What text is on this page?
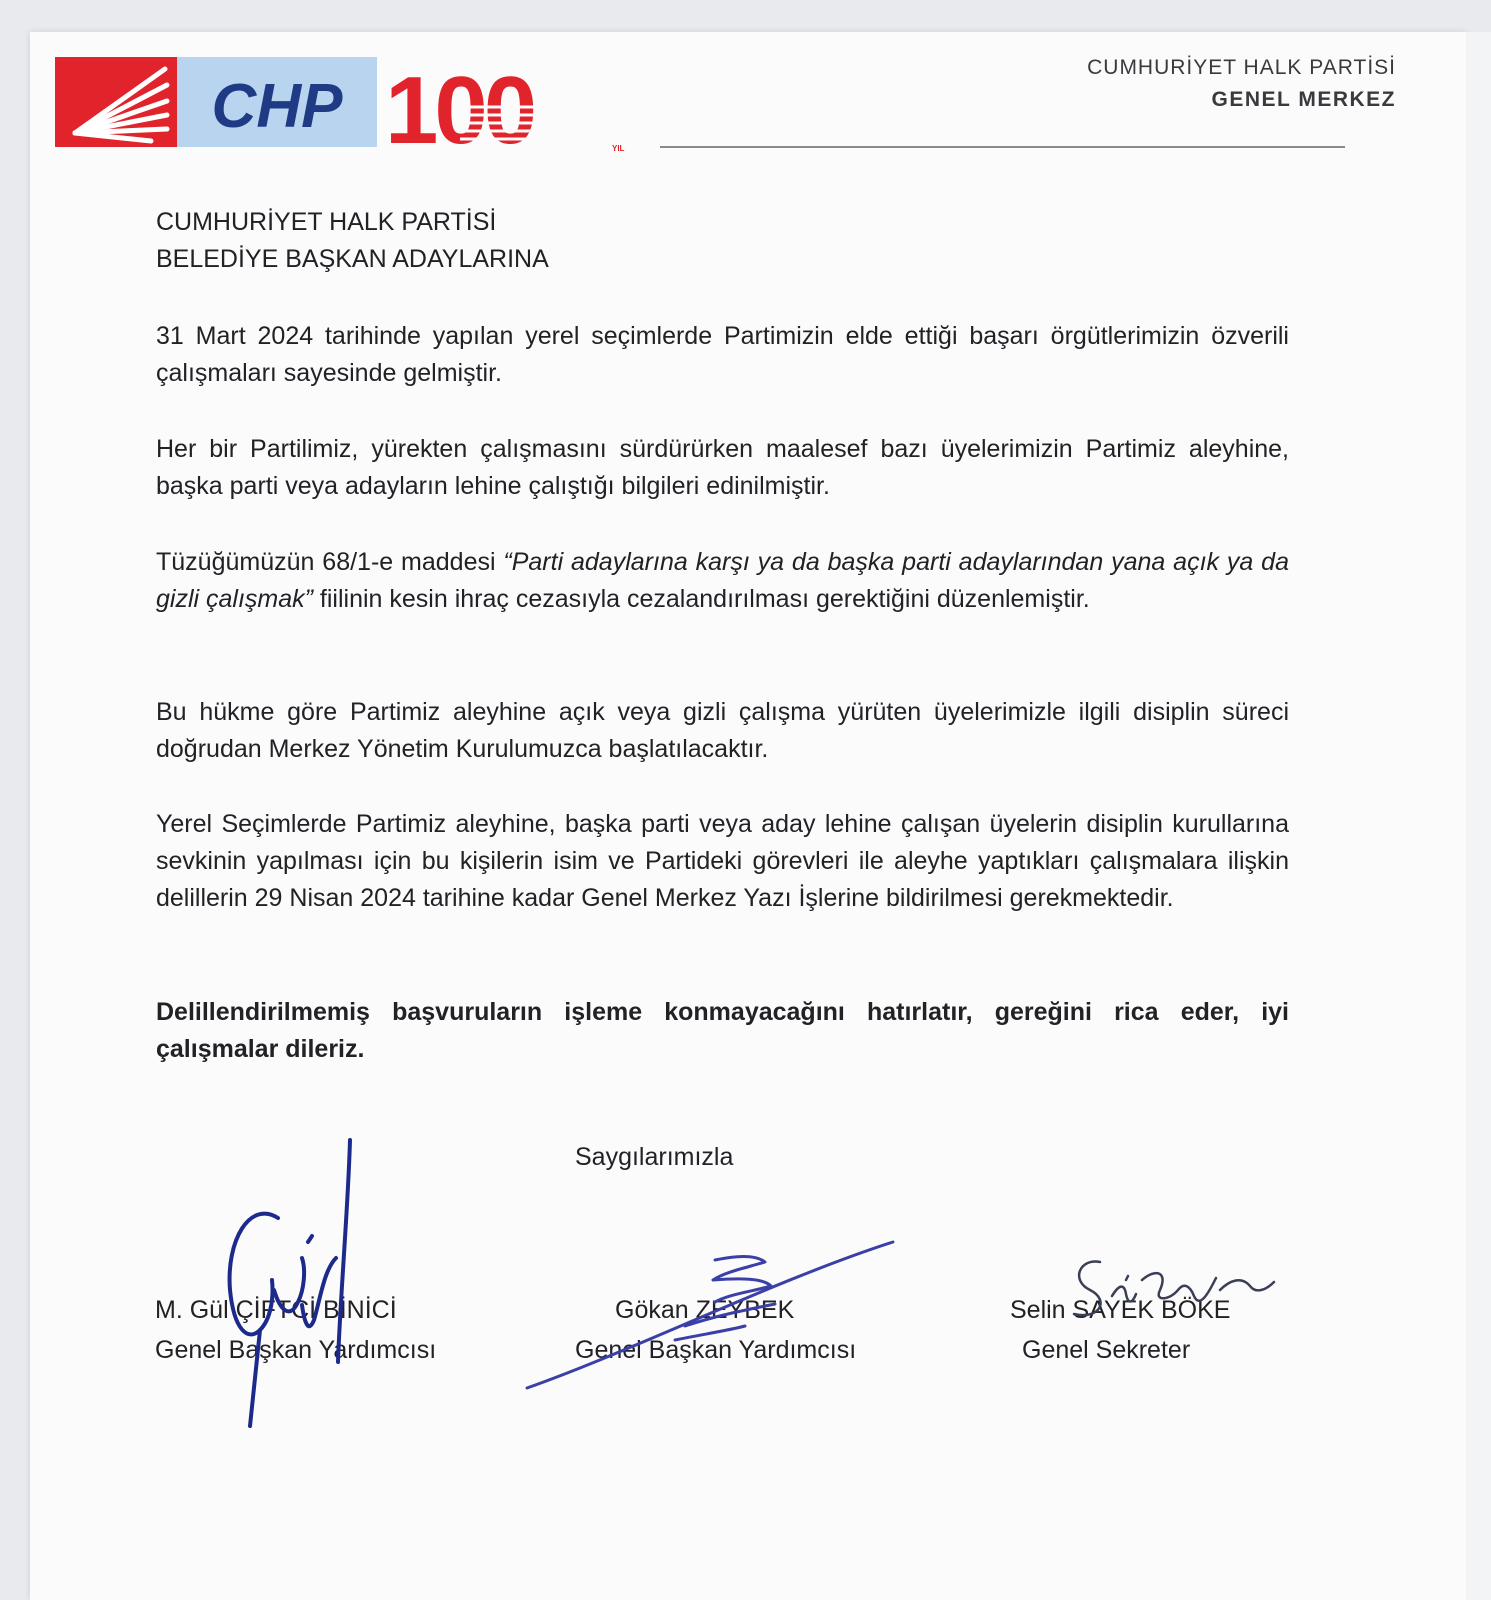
CHP 100	YIL
CUMHURİYET HALK PARTİSİ
GENEL MERKEZ
CUMHURİYET HALK PARTİSİ
BELEDİYE BAŞKAN ADAYLARINA
31 Mart 2024 tarihinde yapılan yerel seçimlerde Partimizin elde ettiği başarı örgütlerimizin özverili çalışmaları sayesinde gelmiştir.
Her bir Partilimiz, yürekten çalışmasını sürdürürken maalesef bazı üyelerimizin Partimiz aleyhine, başka parti veya adayların lehine çalıştığı bilgileri edinilmiştir.
Tüzüğümüzün 68/1-e maddesi “Parti adaylarına karşı ya da başka parti adaylarından yana açık ya da gizli çalışmak” fiilinin kesin ihraç cezasıyla cezalandırılması gerektiğini düzenlemiştir.
Bu hükme göre Partimiz aleyhine açık veya gizli çalışma yürüten üyelerimizle ilgili disiplin süreci doğrudan Merkez Yönetim Kurulumuzca başlatılacaktır.
Yerel Seçimlerde Partimiz aleyhine, başka parti veya aday lehine çalışan üyelerin disiplin kurullarına sevkinin yapılması için bu kişilerin isim ve Partideki görevleri ile aleyhe yaptıkları çalışmalara ilişkin delillerin 29 Nisan 2024 tarihine kadar Genel Merkez Yazı İşlerine bildirilmesi gerekmektedir.
Delillendirilmemiş başvuruların işleme konmayacağını hatırlatır, gereğini rica eder, iyi çalışmalar dileriz.
Saygılarımızla
M. Gül ÇİFTCİ BİNİCİ
Genel Başkan Yardımcısı
Gökan ZEYBEK
Genel Başkan Yardımcısı
Selin SAYEK BÖKE
Genel Sekreter
